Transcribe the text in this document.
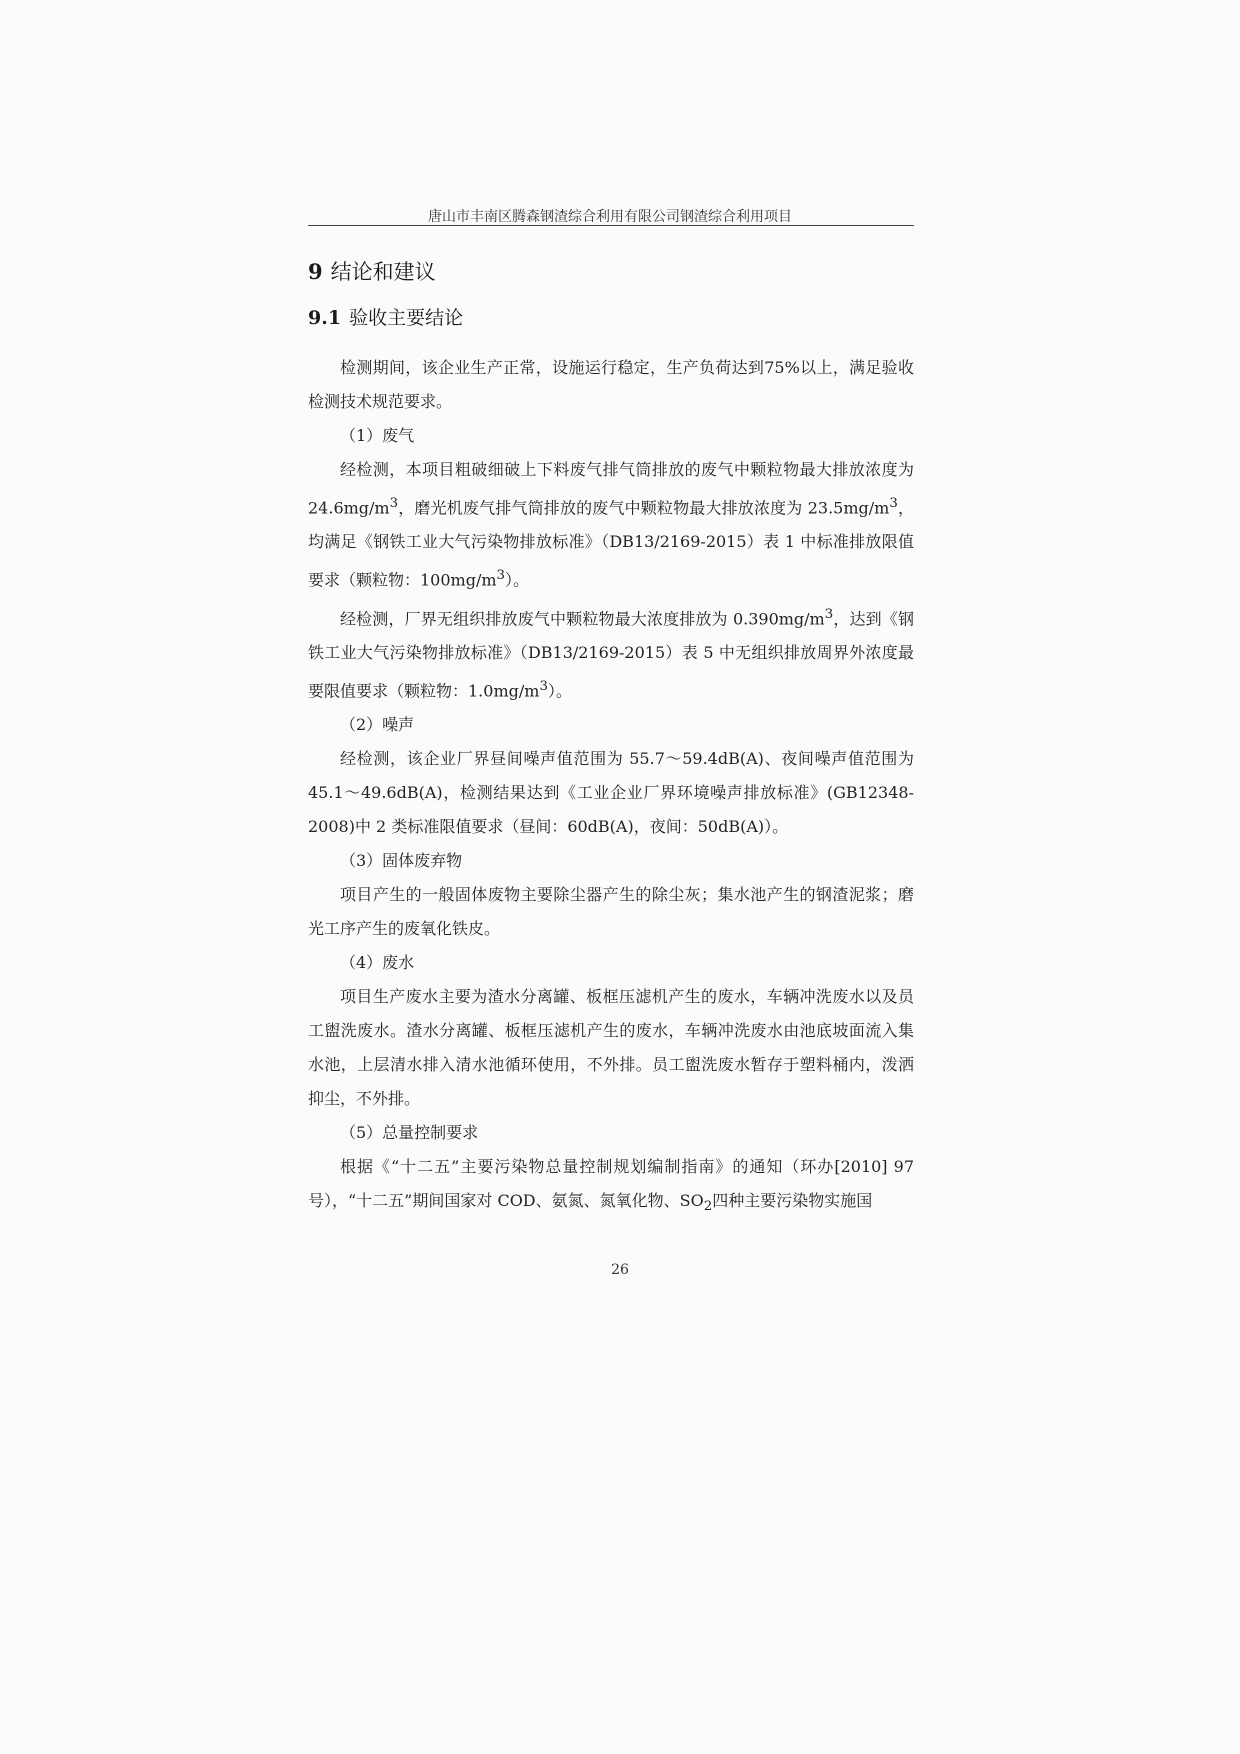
唐山市丰南区腾森钢渣综合利用有限公司钢渣综合利用项目
9 结论和建议
9.1 验收主要结论

检测期间，该企业生产正常，设施运行稳定，生产负荷达到75%以上，满足验收检测技术规范要求。

（1）废气

经检测，本项目粗破细破上下料废气排气筒排放的废气中颗粒物最大排放浓度为 $24.6mg/m^3$，磨光机废气排气筒排放的废气中颗粒物最大排放浓度为 $23.5mg/m^3$，均满足《钢铁工业大气污染物排放标准》（DB13/2169-2015）表 1 中标准排放限值要求（颗粒物：$100mg/m^3$）。

经检测，厂界无组织排放废气中颗粒物最大浓度排放为 $0.390mg/m^3$，达到《钢铁工业大气污染物排放标准》（DB13/2169-2015）表 5 中无组织排放周界外浓度最要限值要求（颗粒物：$1.0mg/m^3$）。

（2）噪声

经检测，该企业厂界昼间噪声值范围为 55.7～59.4dB(A)、夜间噪声值范围为 45.1～49.6dB(A)，检测结果达到《工业企业厂界环境噪声排放标准》(GB12348-2008)中 2 类标准限值要求（昼间：60dB(A)，夜间：50dB(A)）。

（3）固体废弃物

项目产生的一般固体废物主要除尘器产生的除尘灰；集水池产生的钢渣泥浆；磨光工序产生的废氧化铁皮。

（4）废水

项目生产废水主要为渣水分离罐、板框压滤机产生的废水，车辆冲洗废水以及员工盥洗废水。渣水分离罐、板框压滤机产生的废水，车辆冲洗废水由池底坡面流入集水池，上层清水排入清水池循环使用，不外排。员工盥洗废水暂存于塑料桶内，泼洒抑尘，不外排。

（5）总量控制要求

根据《“十二五”主要污染物总量控制规划编制指南》的通知（环办[2010] 97号），“十二五”期间国家对 COD、氨氮、氮氧化物、$SO_2$四种主要污染物实施国

26
